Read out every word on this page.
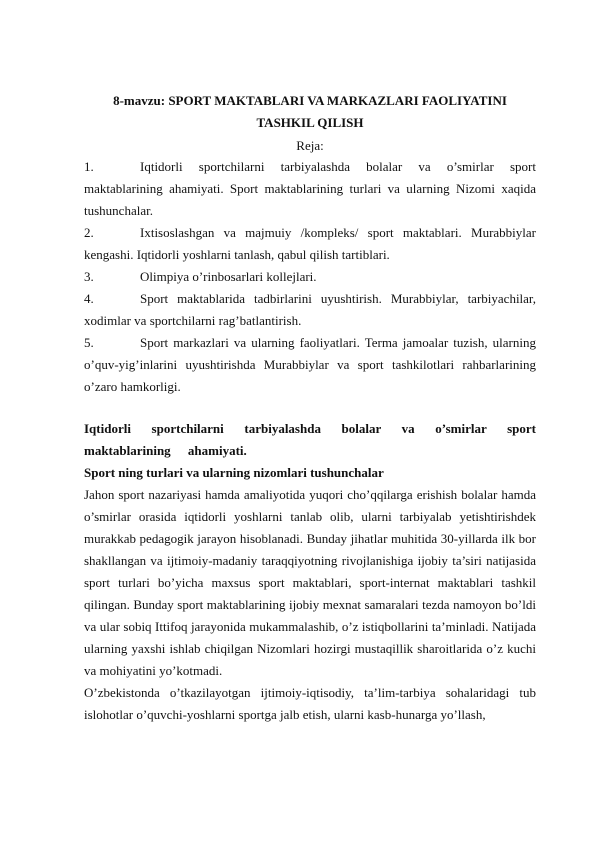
8-mavzu: SPORT MAKTABLARI VA MARKAZLARI FAOLIYATINI
TASHKIL QILISH
Reja:
1.	Iqtidorli sportchilarni tarbiyalashda bolalar va o’smirlar sport maktablarining ahamiyati. Sport maktablarining turlari va ularning Nizomi xaqida tushunchalar.
2.	Ixtisoslashgan va majmuiy /kompleks/ sport maktablari. Murabbiylar kengashi. Iqtidorli yoshlarni tanlash, qabul qilish tartiblari.
3.	Olimpiya o’rinbosarlari kollejlari.
4.	Sport maktablarida tadbirlarini uyushtirish. Murabbiylar, tarbiyachilar, xodimlar va sportchilarni rag’batlantirish.
5.	Sport markazlari va ularning faoliyatlari. Terma jamoalar tuzish, ularning o’quv-yig’inlarini uyushtirishda Murabbiylar va sport tashkilotlari rahbarlarining o’zaro hamkorligi.

Iqtidorli sportchilarni tarbiyalashda bolalar va o’smirlar sport maktablarining ahamiyati.

Sport ning turlari va ularning nizomlari tushunchalar

Jahon sport nazariyasi hamda amaliyotida yuqori cho’qqilarga erishish bolalar hamda o’smirlar orasida iqtidorli yoshlarni tanlab olib, ularni tarbiyalab yetishtirishdek murakkab pedagogik jarayon hisoblanadi. Bunday jihatlar muhitida 30-yillarda ilk bor shakllangan va ijtimoiy-madaniy taraqqiyotning rivojlanishiga ijobiy ta’siri natijasida sport turlari bo’yicha maxsus sport maktablari, sport-internat maktablari tashkil qilingan. Bunday sport maktablarining ijobiy mexnat samaralari tezda namoyon bo’ldi va ular sobiq Ittifoq jarayonida mukammalashib, o’z istiqbollarini ta’minladi. Natijada ularning yaxshi ishlab chiqilgan Nizomlari hozirgi mustaqillik sharoitlarida o’z kuchi va mohiyatini yo’kotmadi.

O’zbekistonda o’tkazilayotgan ijtimoiy-iqtisodiy, ta’lim-tarbiya sohalaridagi tub islohotlar o’quvchi-yoshlarni sportga jalb etish, ularni kasb-hunarga yo’llash,
